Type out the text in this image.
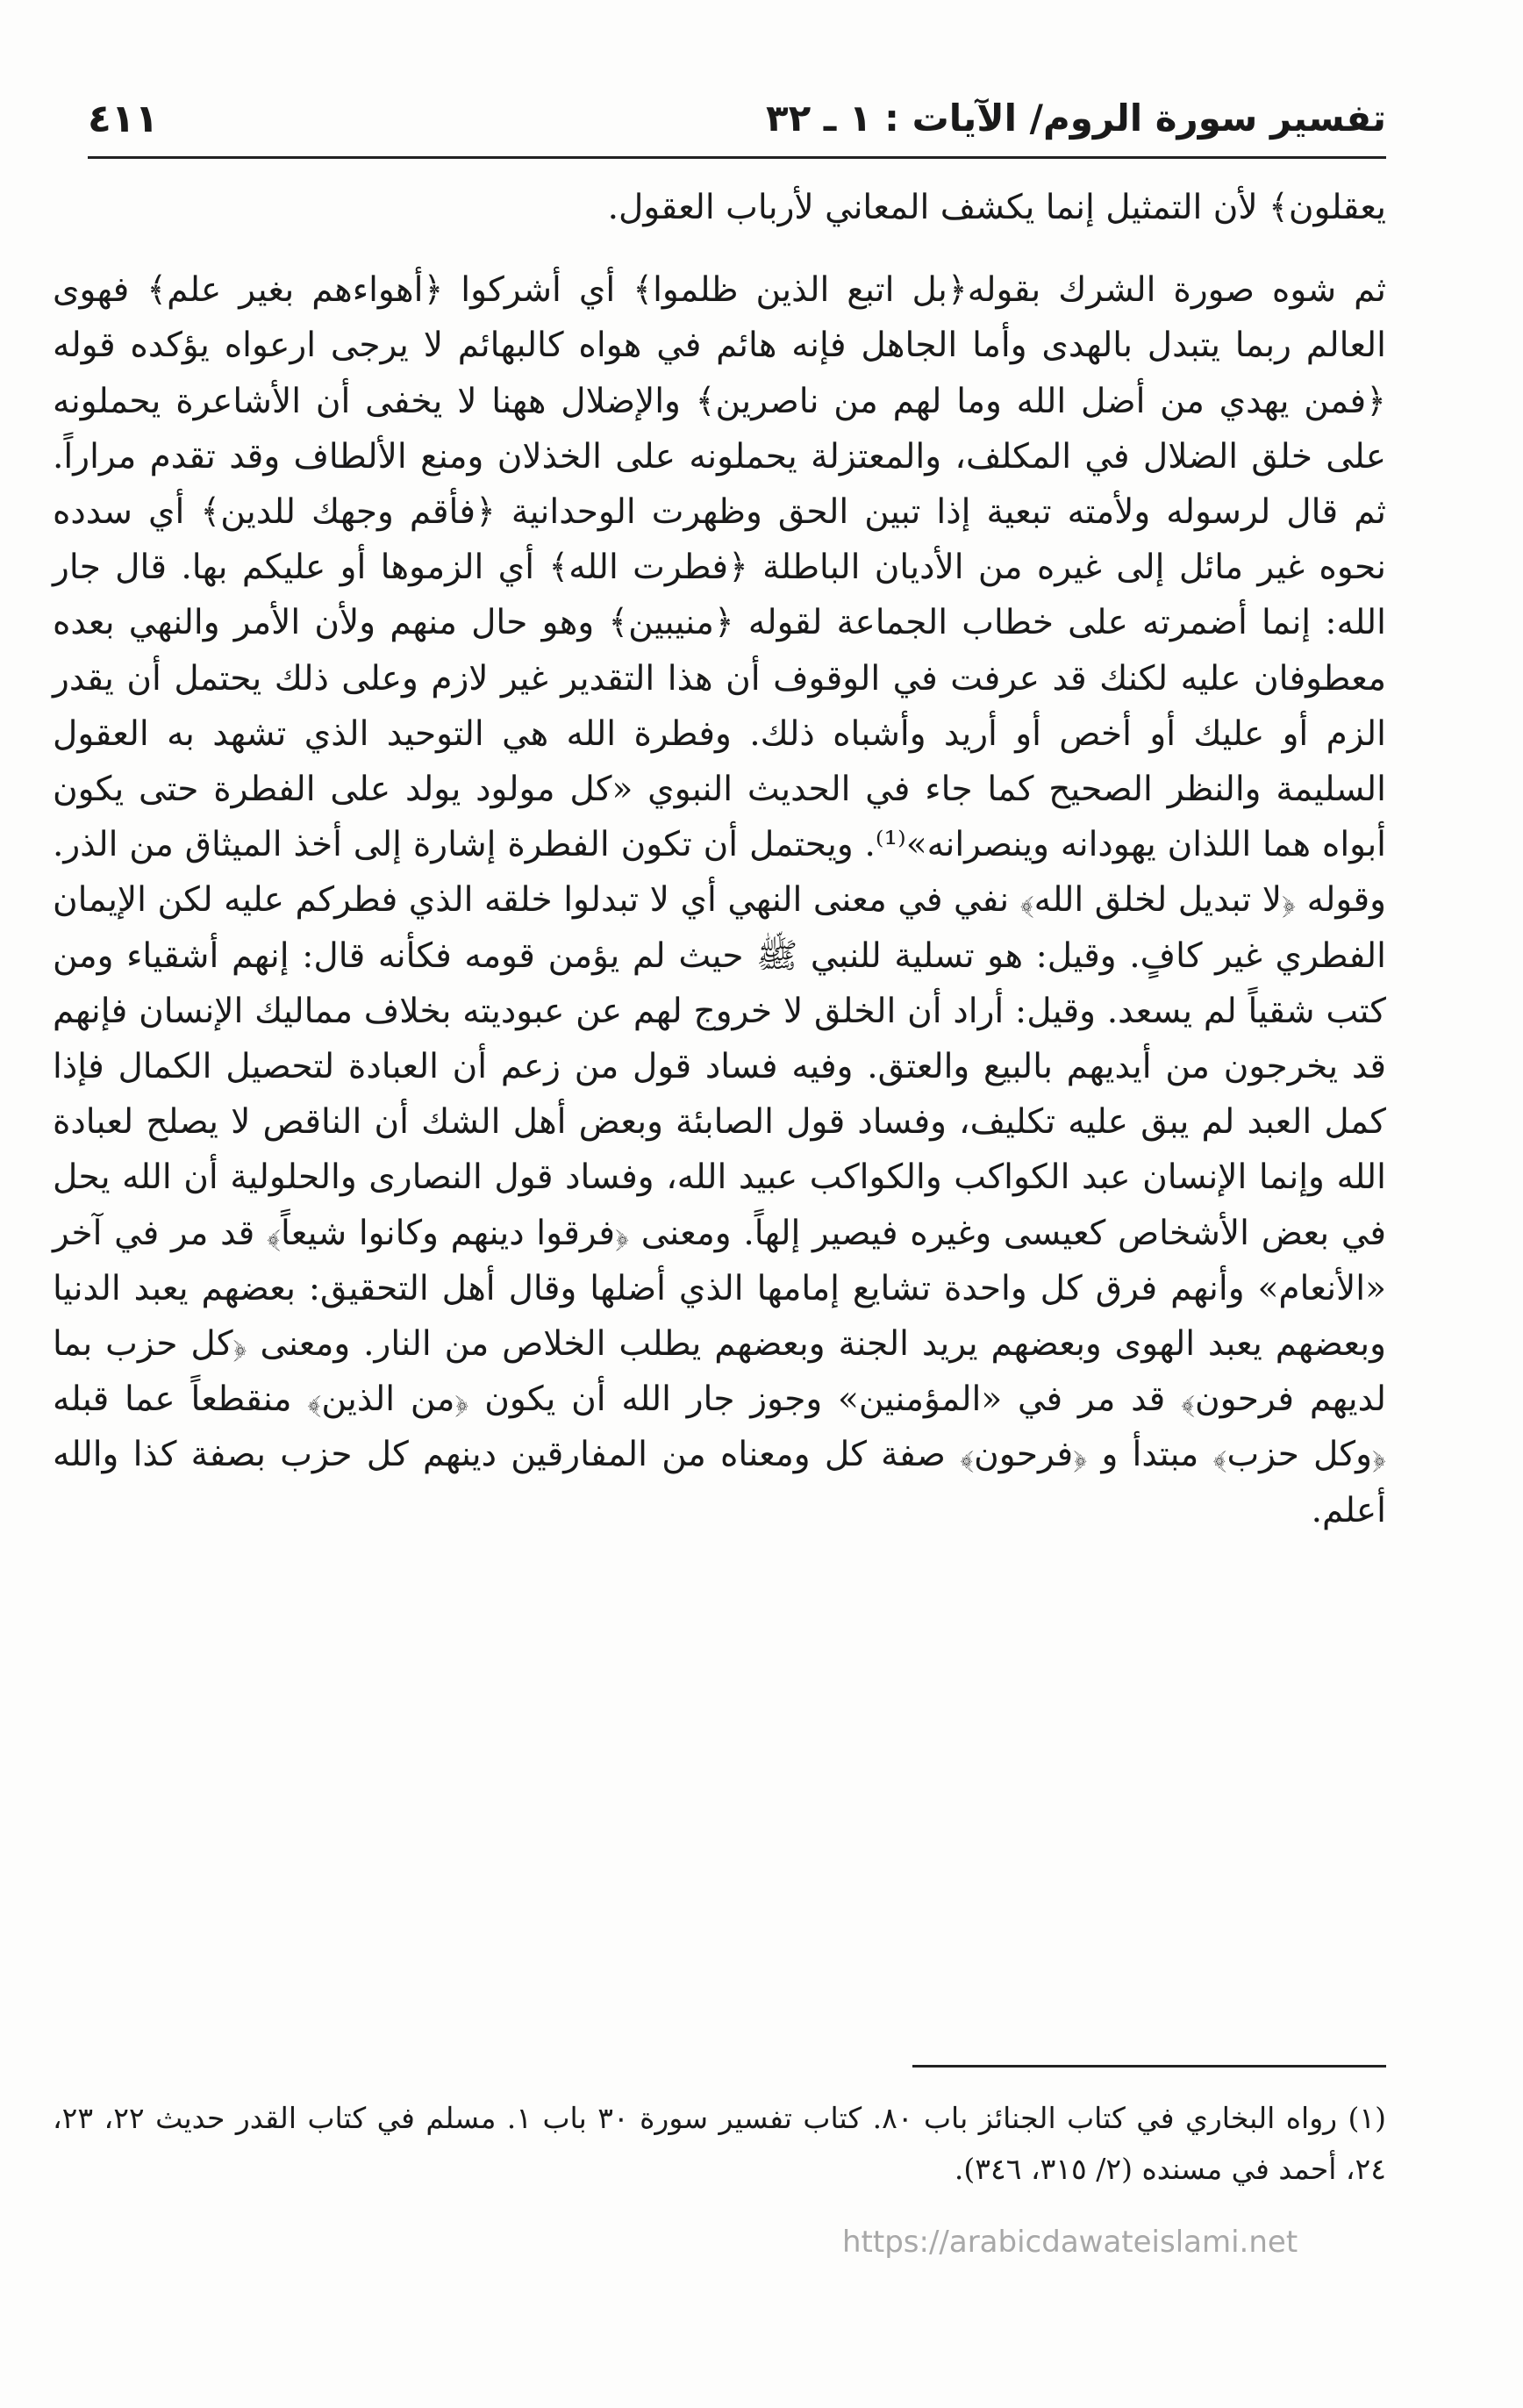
تفسير سورة الروم/ الآيات : ١ ـ ٣٢
٤١١

يعقلون﴾ لأن التمثيل إنما يكشف المعاني لأرباب العقول.

ثم شوه صورة الشرك بقوله﴿بل اتبع الذين ظلموا﴾ أي أشركوا ﴿أهواءهم بغير علم﴾ فهوى العالم ربما يتبدل بالهدى وأما الجاهل فإنه هائم في هواه كالبهائم لا يرجى ارعواه يؤكده قوله ﴿فمن يهدي من أضل الله وما لهم من ناصرين﴾ والإضلال ههنا لا يخفى أن الأشاعرة يحملونه على خلق الضلال في المكلف، والمعتزلة يحملونه على الخذلان ومنع الألطاف وقد تقدم مراراً. ثم قال لرسوله ولأمته تبعية إذا تبين الحق وظهرت الوحدانية ﴿فأقم وجهك للدين﴾ أي سدده نحوه غير مائل إلى غيره من الأديان الباطلة ﴿فطرت الله﴾ أي الزموها أو عليكم بها. قال جار الله: إنما أضمرته على خطاب الجماعة لقوله ﴿منيبين﴾ وهو حال منهم ولأن الأمر والنهي بعده معطوفان عليه لكنك قد عرفت في الوقوف أن هذا التقدير غير لازم وعلى ذلك يحتمل أن يقدر الزم أو عليك أو أخص أو أريد وأشباه ذلك. وفطرة الله هي التوحيد الذي تشهد به العقول السليمة والنظر الصحيح كما جاء في الحديث النبوي «كل مولود يولد على الفطرة حتى يكون أبواه هما اللذان يهودانه وينصرانه»⁽¹⁾. ويحتمل أن تكون الفطرة إشارة إلى أخذ الميثاق من الذر. وقوله ﴿لا تبديل لخلق الله﴾ نفي في معنى النهي أي لا تبدلوا خلقه الذي فطركم عليه لكن الإيمان الفطري غير كافٍ. وقيل: هو تسلية للنبي ﷺ حيث لم يؤمن قومه فكأنه قال: إنهم أشقياء ومن كتب شقياً لم يسعد. وقيل: أراد أن الخلق لا خروج لهم عن عبوديته بخلاف مماليك الإنسان فإنهم قد يخرجون من أيديهم بالبيع والعتق. وفيه فساد قول من زعم أن العبادة لتحصيل الكمال فإذا كمل العبد لم يبق عليه تكليف، وفساد قول الصابئة وبعض أهل الشك أن الناقص لا يصلح لعبادة الله وإنما الإنسان عبد الكواكب والكواكب عبيد الله، وفساد قول النصارى والحلولية أن الله يحل في بعض الأشخاص كعيسى وغيره فيصير إلهاً. ومعنى ﴿فرقوا دينهم وكانوا شيعاً﴾ قد مر في آخر «الأنعام» وأنهم فرق كل واحدة تشايع إمامها الذي أضلها وقال أهل التحقيق: بعضهم يعبد الدنيا وبعضهم يعبد الهوى وبعضهم يريد الجنة وبعضهم يطلب الخلاص من النار. ومعنى ﴿كل حزب بما لديهم فرحون﴾ قد مر في «المؤمنين» وجوز جار الله أن يكون ﴿من الذين﴾ منقطعاً عما قبله ﴿وكل حزب﴾ مبتدأ و ﴿فرحون﴾ صفة كل ومعناه من المفارقين دينهم كل حزب بصفة كذا والله أعلم.

(١) رواه البخاري في كتاب الجنائز باب ٨٠. كتاب تفسير سورة ٣٠ باب ١. مسلم في كتاب القدر حديث ٢٢، ٢٣، ٢٤، أحمد في مسنده (٢/ ٣١٥، ٣٤٦).

https://arabicdawateislami.net
